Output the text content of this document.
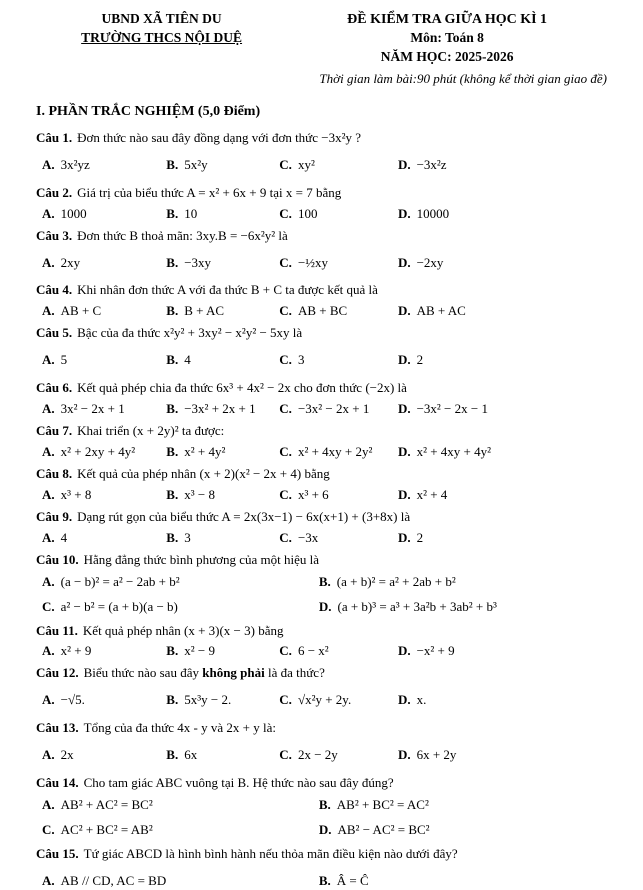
UBND XÃ TIÊN DU
TRƯỜNG THCS NỘI DUỆ
ĐỀ KIỂM TRA GIỮA HỌC KÌ 1
Môn: Toán 8
NĂM HỌC: 2025-2026
Thời gian làm bài:90 phút (không kể thời gian giao đề)
I. PHẦN TRẮC NGHIỆM (5,0 Điểm)
Câu 1. Đơn thức nào sau đây đồng dạng với đơn thức −3x²y ?
A. 3x²yz	B. 5x²y	C. xy²	D. −3x²z
Câu 2. Giá trị của biểu thức A = x² + 6x + 9 tại x = 7 bằng
A. 1000	B. 10	C. 100	D. 10000
Câu 3. Đơn thức B thoả mãn: 3xy.B = −6x²y² là
A. 2xy	B. −3xy	C. −½xy	D. −2xy
Câu 4. Khi nhân đơn thức A với đa thức B + C ta được kết quả là
A. AB + C	B. B + AC	C. AB + BC	D. AB + AC
Câu 5. Bậc của đa thức x²y² + 3xy² − x²y² − 5xy là
A. 5	B. 4	C. 3	D. 2
Câu 6. Kết quả phép chia đa thức 6x³ + 4x² − 2x cho đơn thức (−2x) là
A. 3x² − 2x + 1	B. −3x² + 2x + 1	C. −3x² − 2x + 1	D. −3x² − 2x − 1
Câu 7. Khai triển (x + 2y)² ta được:
A. x² + 2xy + 4y²	B. x² + 4y²	C. x² + 4xy + 2y²	D. x² + 4xy + 4y²
Câu 8. Kết quả của phép nhân (x + 2)(x² − 2x + 4) bằng
A. x³ + 8	B. x³ − 8	C. x³ + 6	D. x² + 4
Câu 9. Dạng rút gọn của biểu thức A = 2x(3x−1) − 6x(x+1) + (3+8x) là
A. 4	B. 3	C. −3x	D. 2
Câu 10. Hằng đẳng thức bình phương của một hiệu là
A. (a − b)² = a² − 2ab + b²	B. (a + b)² = a² + 2ab + b²
C. a² − b² = (a + b)(a − b)	D. (a + b)³ = a³ + 3a²b + 3ab² + b³
Câu 11. Kết quả phép nhân (x + 3)(x − 3) bằng
A. x² + 9	B. x² − 9	C. 6 − x²	D. −x² + 9
Câu 12. Biểu thức nào sau đây không phải là đa thức?
A. −√5.	B. 5x³y − 2.	C. √x²y + 2y.	D. x.
Câu 13. Tổng của đa thức 4x - y và 2x + y là:
A. 2x	B. 6x	C. 2x − 2y	D. 6x + 2y
Câu 14. Cho tam giác ABC vuông tại B. Hệ thức nào sau đây đúng?
A. AB² + AC² = BC²	B. AB² + BC² = AC²
C. AC² + BC² = AB²	D. AB² − AC² = BC²
Câu 15. Tứ giác ABCD là hình bình hành nếu thỏa mãn điều kiện nào dưới đây?
A. AB // CD, AC = BD	B. Â = Ĉ
